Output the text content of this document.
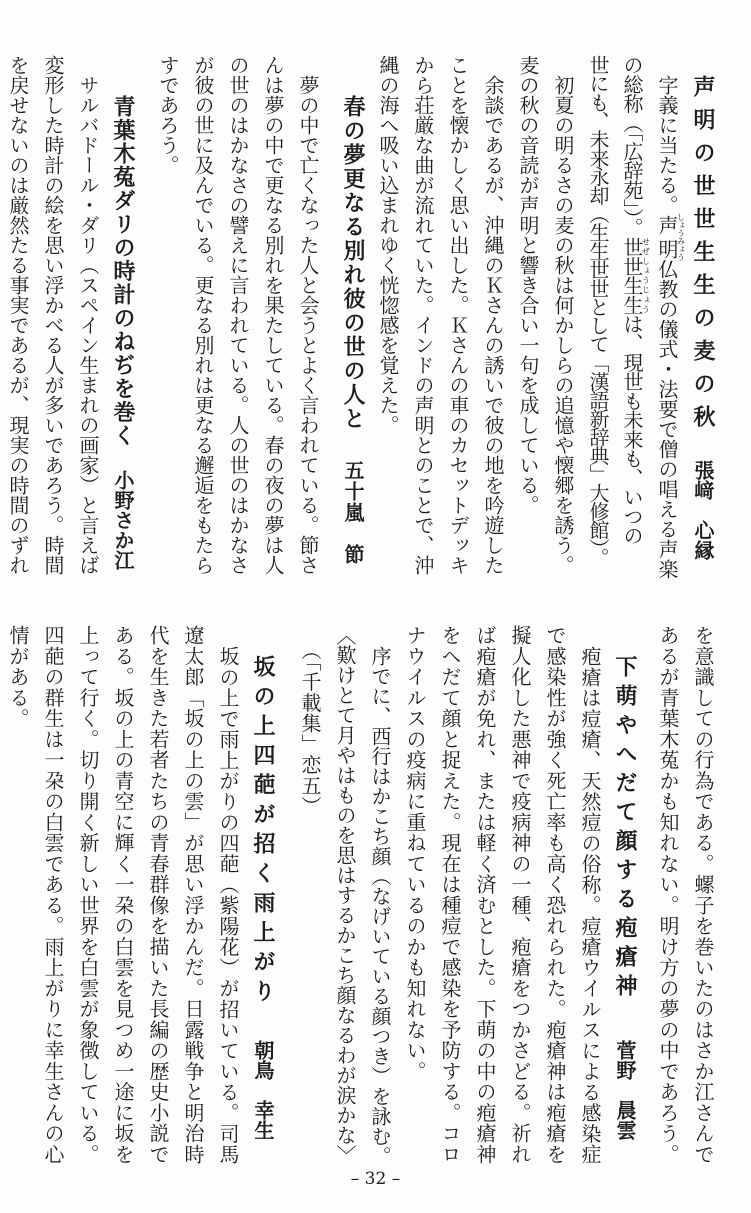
声明の世世生生の麦の秋
張﨑　心縁
字義に当たる。声明しょうみょう仏教の儀式・法要で僧の唱える声楽
の総称（「広辞苑」）。世世生生せぜしょうじょうは、現世も未来も、いつの
世にも、未来永却（生生世世として「漢語新辞典」大修館）。
初夏の明るさの麦の秋は何かしらの追憶や懐郷を誘う。
麦の秋の音読が声明と響き合い一句を成している。
余談であるが、沖縄のＫさんの誘いで彼の地を吟遊した
ことを懐かしく思い出した。Ｋさんの車のカセットデッキ
から荘厳な曲が流れていた。インドの声明とのことで、沖
縄の海へ吸い込まれゆく恍惚感を覚えた。
春の夢更なる別れ彼の世の人と
五十嵐　節
夢の中で亡くなった人と会うとよく言われている。節さ
んは夢の中で更なる別れを果たしている。春の夜の夢は人
の世のはかなさの譬えに言われている。人の世のはかなさ
が彼の世に及んでいる。更なる別れは更なる邂逅をもたら
すであろう。
青葉木菟ダリの時計のねぢを巻く
小野さか江
サルバドール・ダリ（スペイン生まれの画家）と言えば
変形した時計の絵を思い浮かべる人が多いであろう。時間
を戻せないのは厳然たる事実であるが、現実の時間のずれ
を意識しての行為である。螺子を巻いたのはさか江さんで
あるが青葉木菟かも知れない。明け方の夢の中であろう。
下萌やへだて顔する疱瘡神
菅野　晨雲
疱瘡は痘瘡、天然痘の俗称。痘瘡ウイルスによる感染症
で感染性が強く死亡率も高く恐れられた。疱瘡神は疱瘡を
擬人化した悪神で疫病神の一種、疱瘡をつかさどる。祈れ
ば疱瘡が免れ、または軽く済むとした。下萌の中の疱瘡神
をへだて顔と捉えた。現在は種痘で感染を予防する。コロ
ナウイルスの疫病に重ねているのかも知れない。
序でに、西行はかこち顔（なげいている顔つき）を詠む。
〈歎けとて月やはものを思はするかこち顔なるわが涙かな〉
（「千載集」恋五）
坂の上四葩が招く雨上がり
朝鳥　幸生
坂の上で雨上がりの四葩（紫陽花）が招いている。司馬
遼太郎「坂の上の雲」が思い浮かんだ。日露戦争と明治時
代を生きた若者たちの青春群像を描いた長編の歴史小説で
ある。坂の上の青空に輝く一朶の白雲を見つめ一途に坂を
上って行く。切り開く新しい世界を白雲が象徴している。
四葩の群生は一朶の白雲である。雨上がりに幸生さんの心
情がある。
– 32 –
